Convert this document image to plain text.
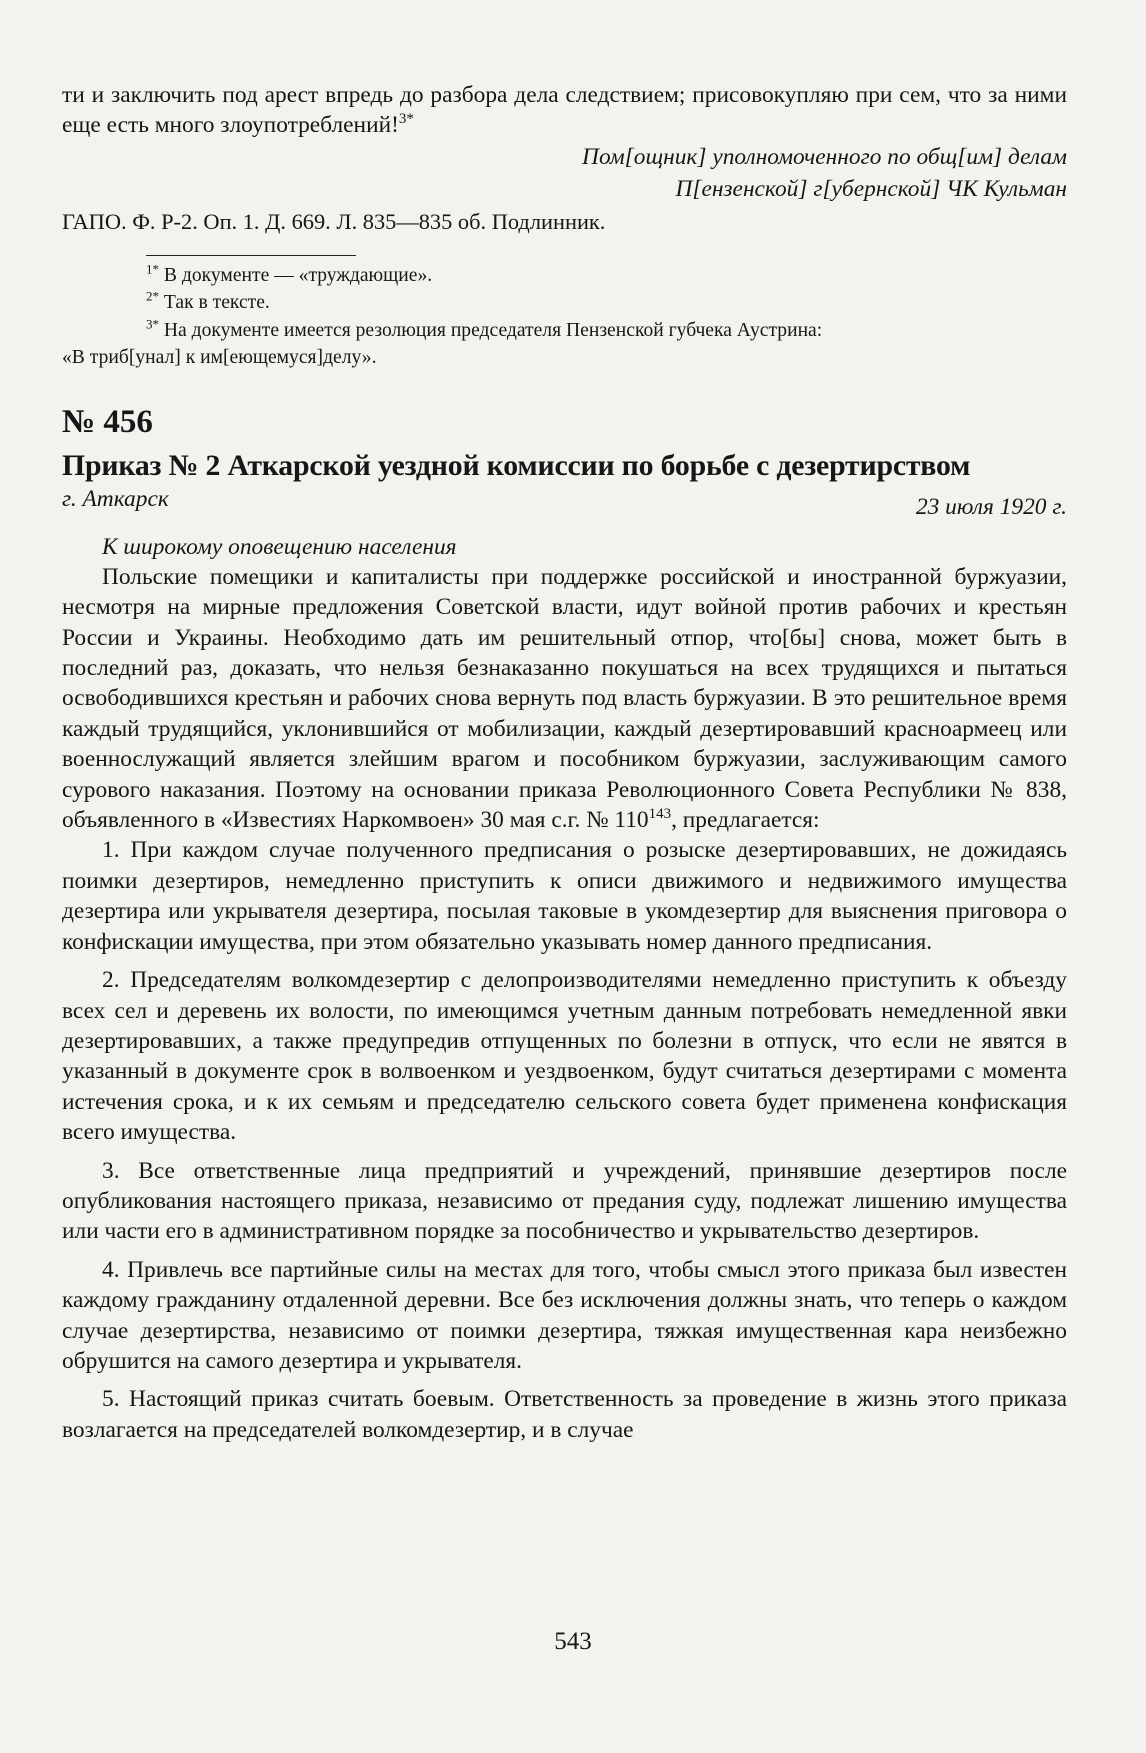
ти и заключить под арест впредь до разбора дела следствием; присовокупляю при сем, что за ними еще есть много злоупотреблений!$^{3*}$

Пом[ощник] уполномоченного по общ[им] делам

П[ензенской] г[убернской] ЧК Кульман

ГАПО. Ф. Р-2. Оп. 1. Д. 669. Л. 835—835 об. Подлинник.

$^{1*}$ В документе — «труждающие».

$^{2*}$ Так в тексте.

$^{3*}$ На документе имеется резолюция председателя Пензенской губчека Аустрина:

«В триб[унал] к им[еющемуся]делу».

№ 456

Приказ № 2 Аткарской уездной комиссии по борьбе с дезертирством

г. Аткарск	23 июля 1920 г.

К широкому оповещению населения

Польские помещики и капиталисты при поддержке российской и иностранной буржуазии, несмотря на мирные предложения Советской власти, идут войной против рабочих и крестьян России и Украины. Необходимо дать им решительный отпор, что[бы] снова, может быть в последний раз, доказать, что нельзя безнаказанно покушаться на всех трудящихся и пытаться освободившихся крестьян и рабочих снова вернуть под власть буржуазии. В это решительное время каждый трудящийся, уклонившийся от мобилизации, каждый дезертировавший красноармеец или военнослужащий является злейшим врагом и пособником буржуазии, заслуживающим самого сурового наказания. Поэтому на основании приказа Революционного Совета Республики № 838, объявленного в «Известиях Наркомвоен» 30 мая с.г. № $110^{143}$, предлагается:

1. При каждом случае полученного предписания о розыске дезертировавших, не дожидаясь поимки дезертиров, немедленно приступить к описи движимого и недвижимого имущества дезертира или укрывателя дезертира, посылая таковые в укомдезертир для выяснения приговора о конфискации имущества, при этом обязательно указывать номер данного предписания.

2. Председателям волкомдезертир с делопроизводителями немедленно приступить к объезду всех сел и деревень их волости, по имеющимся учетным данным потребовать немедленной явки дезертировавших, а также предупредив отпущенных по болезни в отпуск, что если не явятся в указанный в документе срок в волвоенком и уездвоенком, будут считаться дезертирами с момента истечения срока, и к их семьям и председателю сельского совета будет применена конфискация всего имущества.

3. Все ответственные лица предприятий и учреждений, принявшие дезертиров после опубликования настоящего приказа, независимо от предания суду, подлежат лишению имущества или части его в административном порядке за пособничество и укрывательство дезертиров.

4. Привлечь все партийные силы на местах для того, чтобы смысл этого приказа был известен каждому гражданину отдаленной деревни. Все без исключения должны знать, что теперь о каждом случае дезертирства, независимо от поимки дезертира, тяжкая имущественная кара неизбежно обрушится на самого дезертира и укрывателя.

5. Настоящий приказ считать боевым. Ответственность за проведение в жизнь этого приказа возлагается на председателей волкомдезертир, и в случае

543
